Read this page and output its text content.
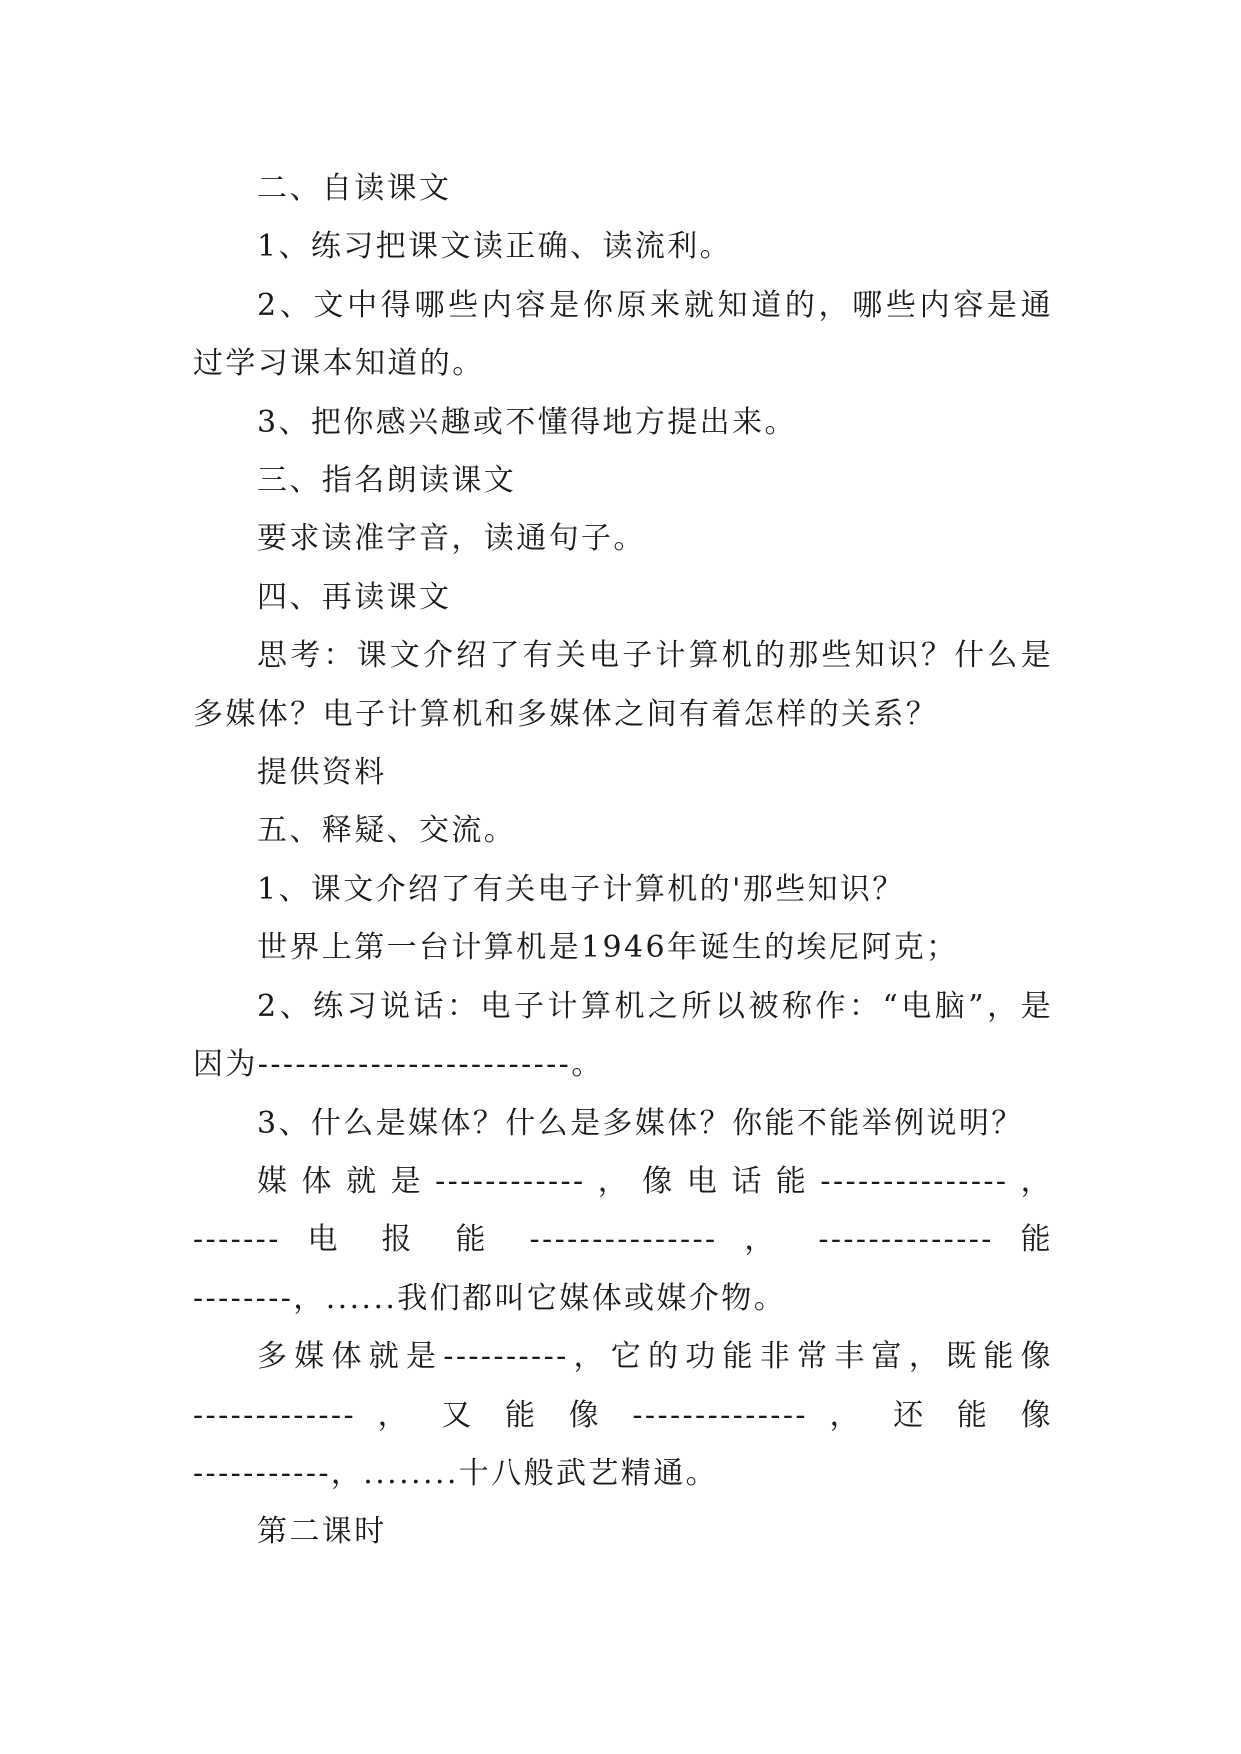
二、自读课文

1、练习把课文读正确、读流利。

2、文中得哪些内容是你原来就知道的，哪些内容是通

过学习课本知道的。

3、把你感兴趣或不懂得地方提出来。

三、指名朗读课文

要求读准字音，读通句子。

四、再读课文

思考：课文介绍了有关电子计算机的那些知识？什么是

多媒体？电子计算机和多媒体之间有着怎样的关系？

提供资料

五、释疑、交流。

1、课文介绍了有关电子计算机的'那些知识？

世界上第一台计算机是1946年诞生的埃尼阿克；

2、练习说话：电子计算机之所以被称作：“电脑”，是

因为-------------------------。

3、什么是媒体？什么是多媒体？你能不能举例说明？

媒体就是------------，像电话能---------------，

------- 电 报 能 --------------- ， -------------- 能

--------，......我们都叫它媒体或媒介物。

多媒体就是----------，它的功能非常丰富，既能像

------------- ， 又 能 像 -------------- ， 还 能 像

-----------，........十八般武艺精通。

第二课时
